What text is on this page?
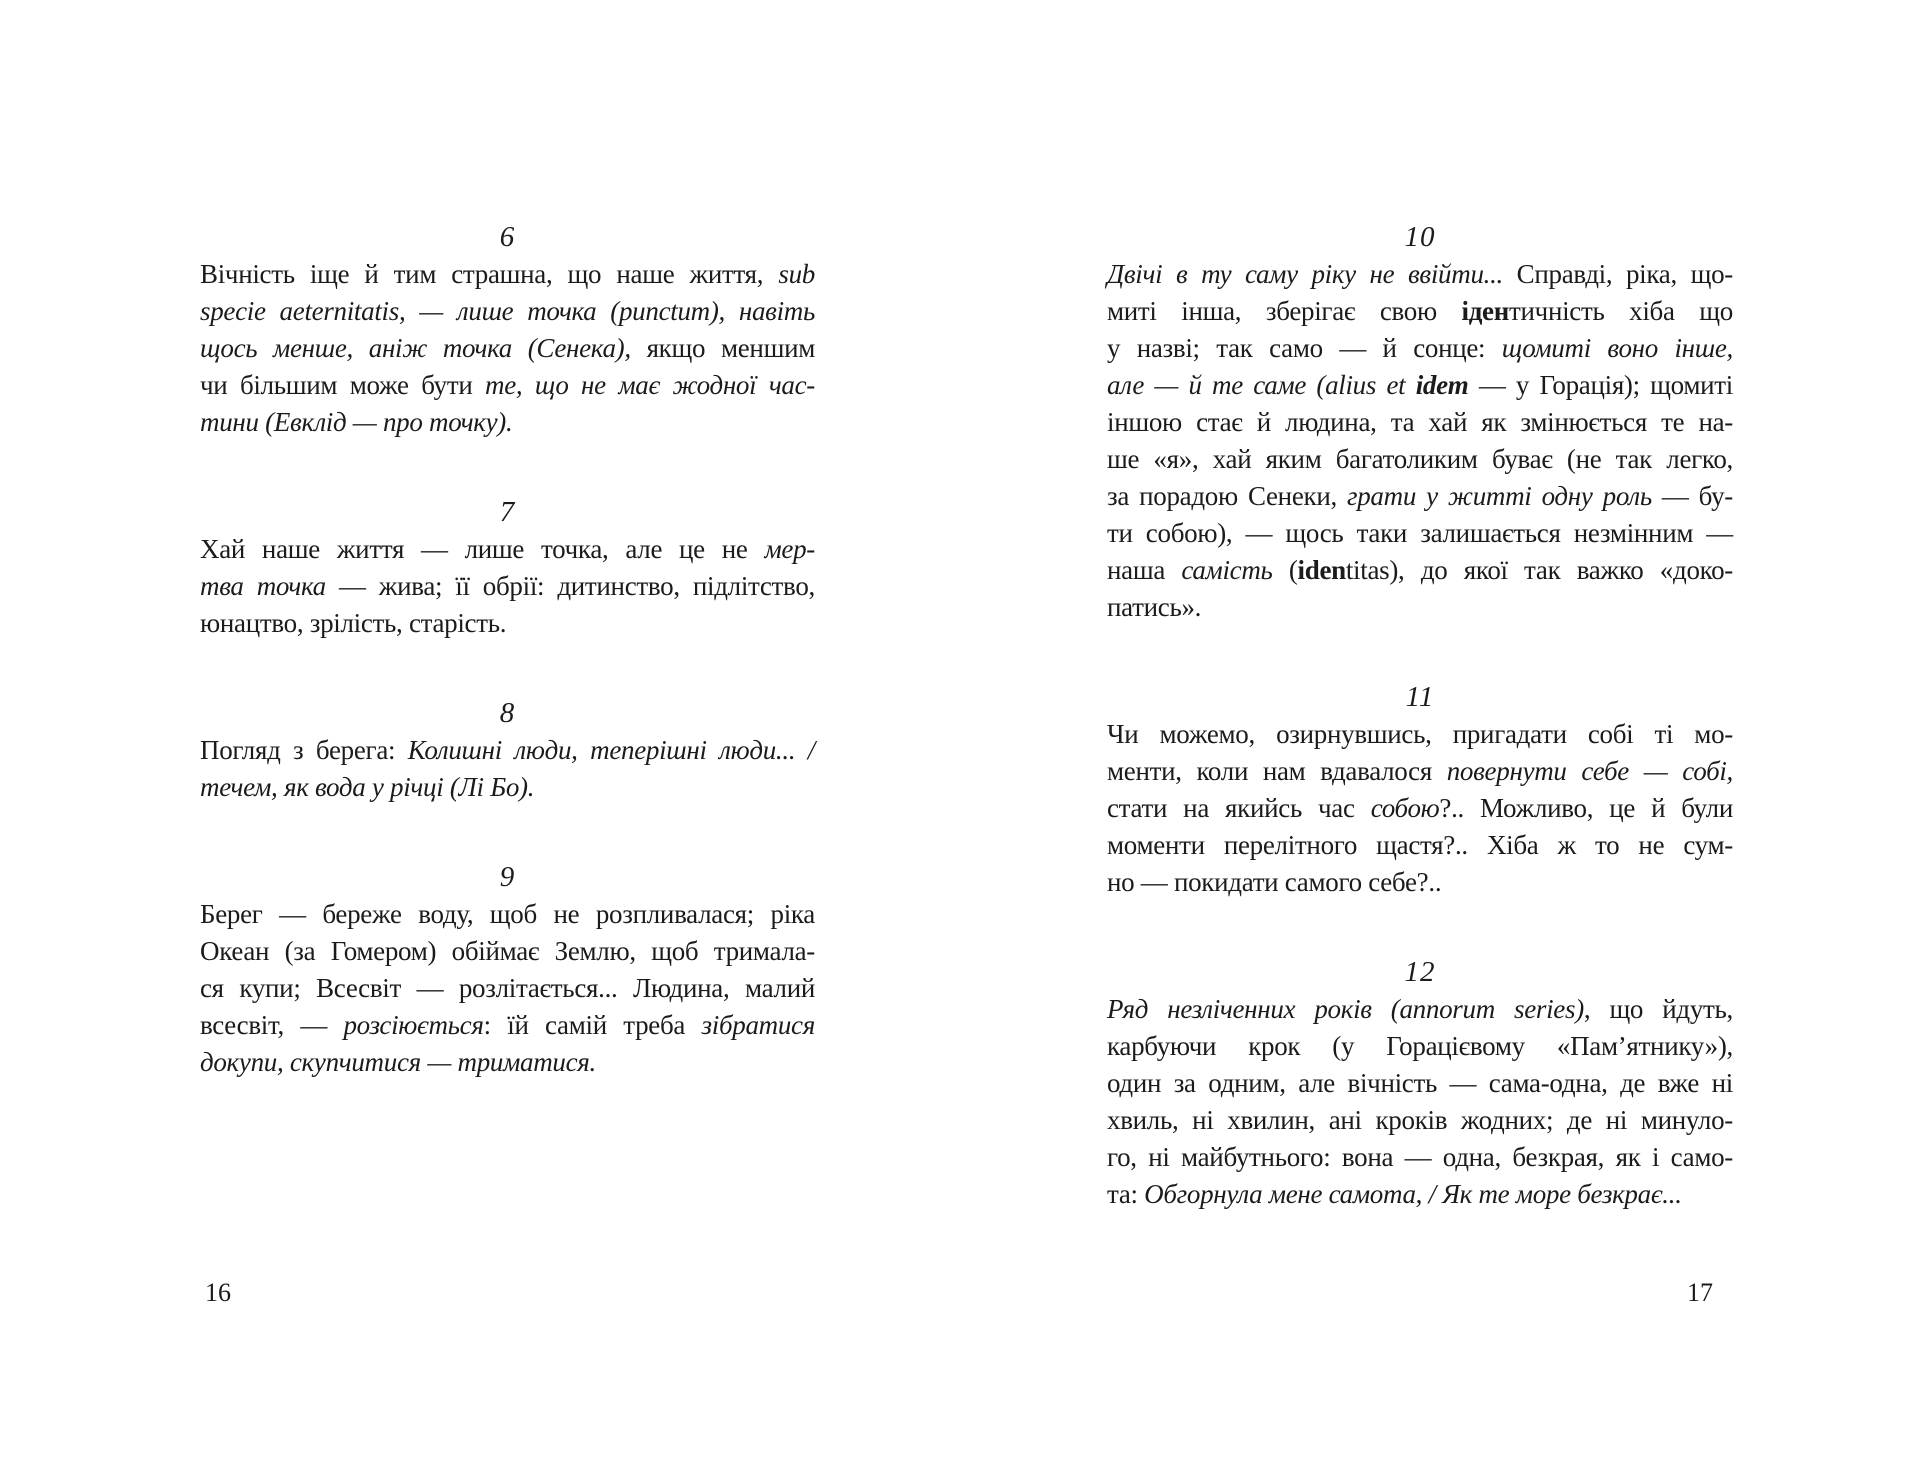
6
Вічність іще й тим страшна, що наше життя, sub
specie aeternitatis, — лише точка (punctum), навіть
щось менше, аніж точка (Сенека), якщо меншим
чи більшим може бути те, що не має жодної час-
тини (Евклід — про точку).
7
Хай наше життя — лише точка, але це не мер-
тва точка — жива; її обрії: дитинство, підлітство,
юнацтво, зрілість, старість.
8
Погляд з берега: Колишні люди, теперішні люди... /
течем, як вода у річці (Лі Бо).
9
Берег — береже воду, щоб не розпливалася; ріка
Океан (за Гомером) обіймає Землю, щоб тримала-
ся купи; Всесвіт — розлітається... Людина, малий
всесвіт, — розсіюється: їй самій треба зібратися
докупи, скупчитися — триматися.
16
10
Двічі в ту саму ріку не ввійти... Справді, ріка, що-
миті інша, зберігає свою ідентичність хіба що
у назві; так само — й сонце: щомиті воно інше,
але — й те саме (alius et idem — у Горація); щомиті
іншою стає й людина, та хай як змінюється те на-
ше «я», хай яким багатоликим буває (не так легко,
за порадою Сенеки, грати у житті одну роль — бу-
ти собою), — щось таки залишається незмінним —
наша самість (identitas), до якої так важко «доко-
патись».
11
Чи можемо, озирнувшись, пригадати собі ті мо-
менти, коли нам вдавалося повернути себе — собі,
стати на якийсь час собою?.. Можливо, це й були
моменти перелітного щастя?.. Хіба ж то не сум-
но — покидати самого себе?..
12
Ряд незліченних років (annorum series), що йдуть,
карбуючи крок (у Горацієвому «Пам’ятнику»),
один за одним, але вічність — сама-одна, де вже ні
хвиль, ні хвилин, ані кроків жодних; де ні минуло-
го, ні майбутнього: вона — одна, безкрая, як і само-
та: Обгорнула мене самота, / Як те море безкрає...
17
